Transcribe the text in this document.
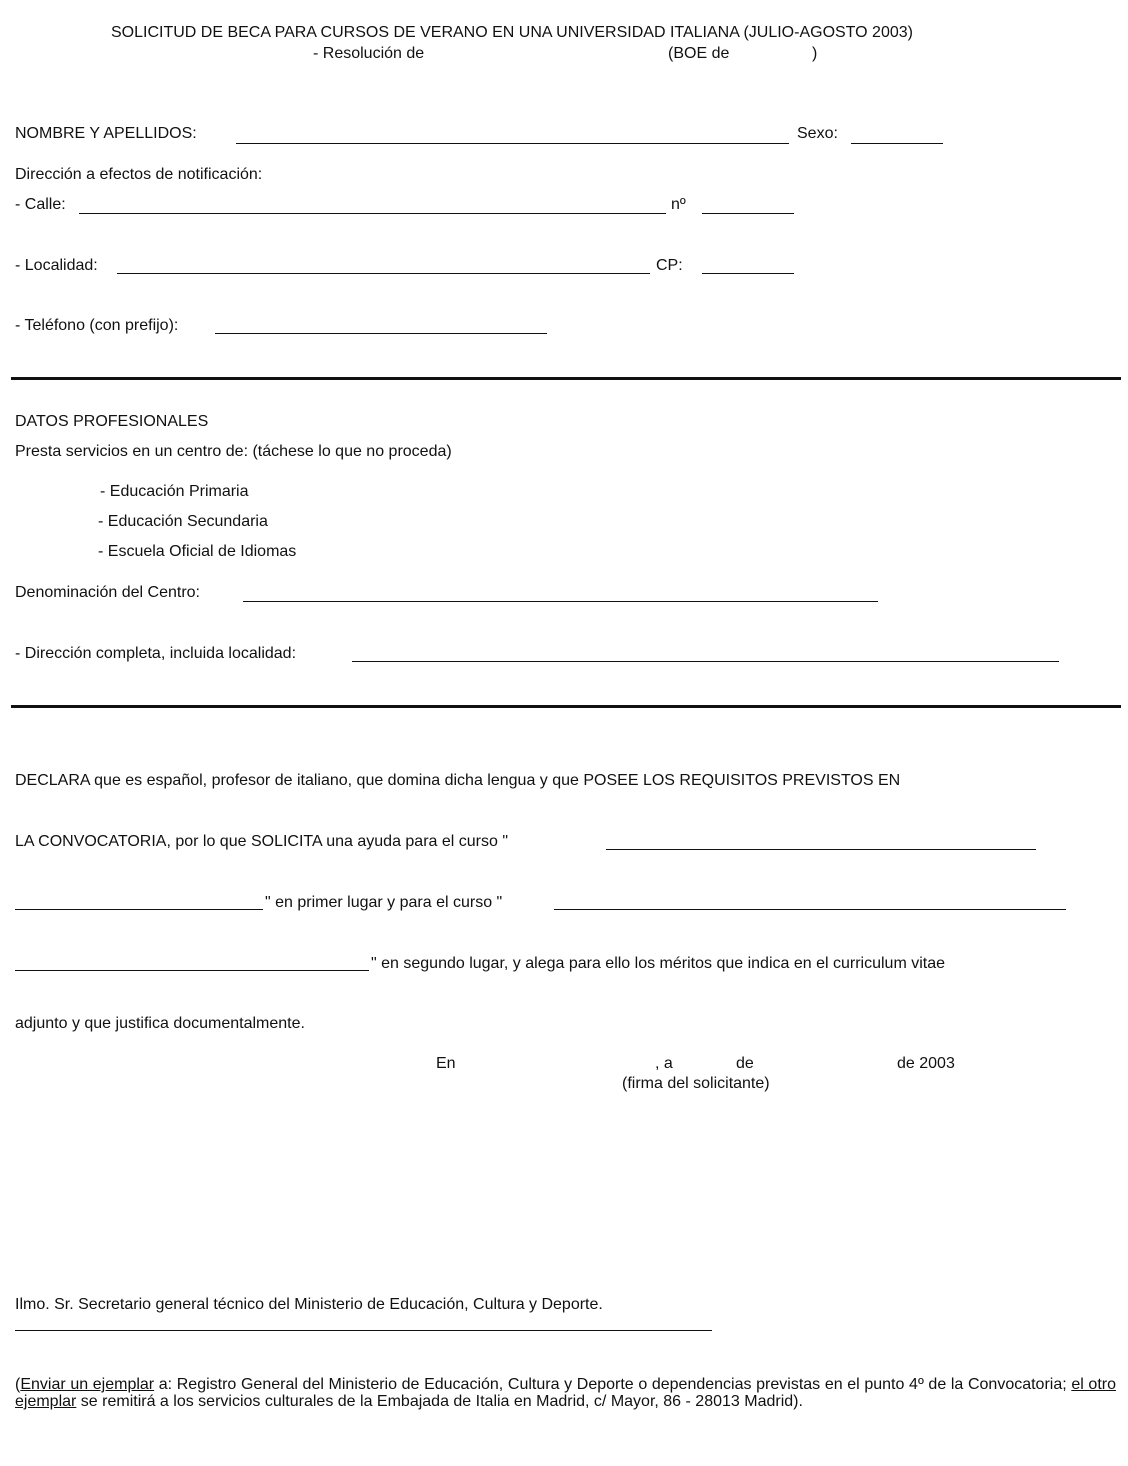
SOLICITUD DE BECA PARA CURSOS DE VERANO EN UNA UNIVERSIDAD ITALIANA (JULIO-AGOSTO 2003)
- Resolución de	(BOE de	)
NOMBRE Y APELLIDOS:	Sexo:
Dirección a efectos de notificación:
- Calle:	nº
- Localidad:	CP:
- Teléfono (con prefijo):
DATOS PROFESIONALES
Presta servicios en un centro de: (táchese lo que no proceda)
- Educación Primaria
- Educación Secundaria
- Escuela Oficial de Idiomas
Denominación del Centro:
- Dirección completa, incluida localidad:
DECLARA que es español, profesor de italiano, que domina dicha lengua y que POSEE LOS REQUISITOS PREVISTOS EN
LA CONVOCATORIA, por lo que SOLICITA una ayuda para el curso "
" en primer lugar y para el curso "
" en segundo lugar, y alega para ello los méritos que indica en el curriculum vitae
adjunto y que justifica documentalmente.
En	, a	de	de 2003
(firma del solicitante)
Ilmo. Sr. Secretario general técnico del Ministerio de Educación, Cultura y Deporte.
(Enviar un ejemplar a: Registro General del Ministerio de Educación, Cultura y Deporte o dependencias previstas en el punto 4º de la Convocatoria; el otro ejemplar se remitirá a los servicios culturales de la Embajada de Italia en Madrid, c/ Mayor, 86 - 28013 Madrid).
